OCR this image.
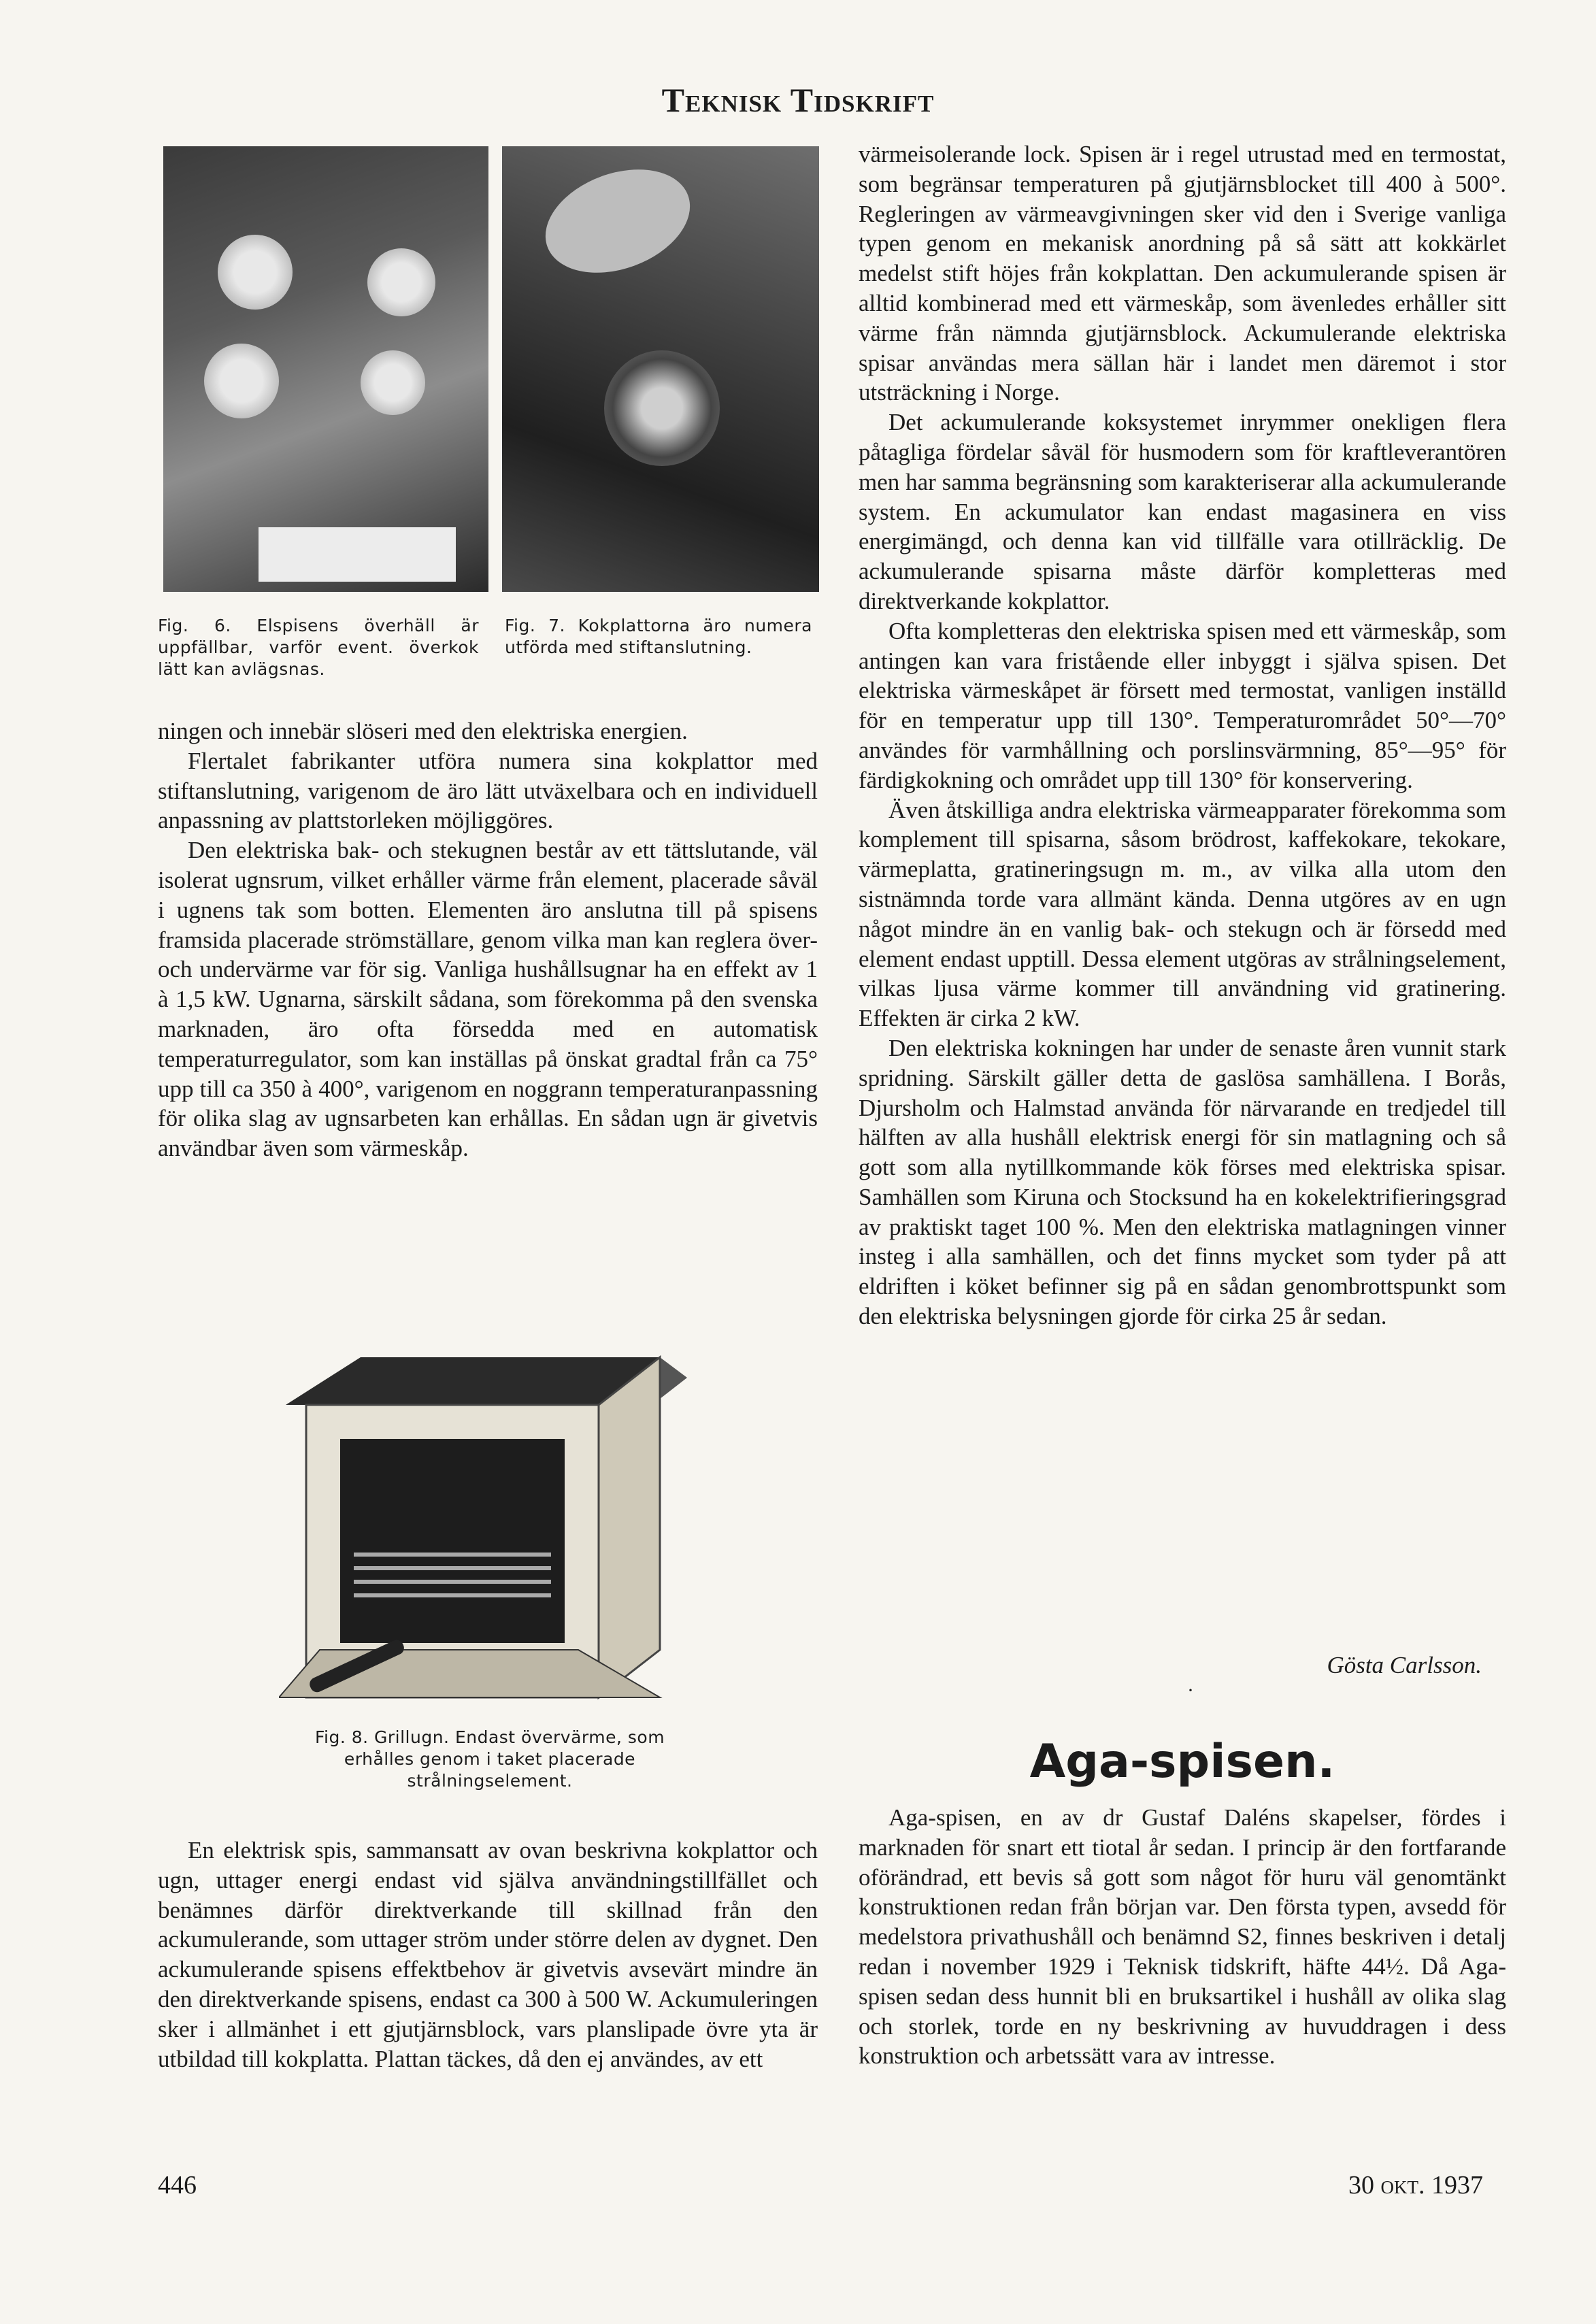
Teknisk Tidskrift
Fig. 6. Elspisens överhäll är uppfällbar, varför event. överkok lätt kan avlägsnas.
Fig. 7. Kokplattorna äro numera utförda med stiftanslutning.

ningen och innebär slöseri med den elektriska energien.

Flertalet fabrikanter utföra numera sina kokplattor med stiftanslutning, varigenom de äro lätt utväxelbara och en individuell anpassning av plattstorleken möjliggöres.

Den elektriska bak- och stekugnen består av ett tättslutande, väl isolerat ugnsrum, vilket erhåller värme från element, placerade såväl i ugnens tak som botten. Elementen äro anslutna till på spisens framsida placerade strömställare, genom vilka man kan reglera över- och undervärme var för sig. Vanliga hushållsugnar ha en effekt av 1 à 1,5 kW. Ugnarna, särskilt sådana, som förekomma på den svenska marknaden, äro ofta försedda med en automatisk temperaturregulator, som kan inställas på önskat gradtal från ca 75° upp till ca 350 à 400°, varigenom en noggrann temperaturanpassning för olika slag av ugnsarbeten kan erhållas. En sådan ugn är givetvis användbar även som värmeskåp.

Fig. 8. Grillugn. Endast övervärme, som erhålles genom i taket placerade strålningselement.

En elektrisk spis, sammansatt av ovan beskrivna kokplattor och ugn, uttager energi endast vid själva användningstillfället och benämnes därför direktverkande till skillnad från den ackumulerande, som uttager ström under större delen av dygnet. Den ackumulerande spisens effektbehov är givetvis avsevärt mindre än den direktverkande spisens, endast ca 300 à 500 W. Ackumuleringen sker i allmänhet i ett gjutjärnsblock, vars planslipade övre yta är utbildad till kokplatta. Plattan täckes, då den ej användes, av ett

värmeisolerande lock. Spisen är i regel utrustad med en termostat, som begränsar temperaturen på gjutjärnsblocket till 400 à 500°. Regleringen av värmeavgivningen sker vid den i Sverige vanliga typen genom en mekanisk anordning på så sätt att kokkärlet medelst stift höjes från kokplattan. Den ackumulerande spisen är alltid kombinerad med ett värmeskåp, som ävenledes erhåller sitt värme från nämnda gjutjärnsblock. Ackumulerande elektriska spisar användas mera sällan här i landet men däremot i stor utsträckning i Norge.

Det ackumulerande koksystemet inrymmer onekligen flera påtagliga fördelar såväl för husmodern som för kraftleverantören men har samma begränsning som karakteriserar alla ackumulerande system. En ackumulator kan endast magasinera en viss energimängd, och denna kan vid tillfälle vara otillräcklig. De ackumulerande spisarna måste därför kompletteras med direktverkande kokplattor.

Ofta kompletteras den elektriska spisen med ett värmeskåp, som antingen kan vara fristående eller inbyggt i själva spisen. Det elektriska värmeskåpet är försett med termostat, vanligen inställd för en temperatur upp till 130°. Temperaturområdet 50°—70° användes för varmhållning och porslinsvärmning, 85°—95° för färdigkokning och området upp till 130° för konservering.

Även åtskilliga andra elektriska värmeapparater förekomma som komplement till spisarna, såsom brödrost, kaffekokare, tekokare, värmeplatta, gratineringsugn m. m., av vilka alla utom den sistnämnda torde vara allmänt kända. Denna utgöres av en ugn något mindre än en vanlig bak- och stekugn och är försedd med element endast upptill. Dessa element utgöras av strålningselement, vilkas ljusa värme kommer till användning vid gratinering. Effekten är cirka 2 kW.

Den elektriska kokningen har under de senaste åren vunnit stark spridning. Särskilt gäller detta de gaslösa samhällena. I Borås, Djursholm och Halmstad använda för närvarande en tredjedel till hälften av alla hushåll elektrisk energi för sin matlagning och så gott som alla nytillkommande kök förses med elektriska spisar. Samhällen som Kiruna och Stocksund ha en kokelektrifieringsgrad av praktiskt taget 100 %. Men den elektriska matlagningen vinner insteg i alla samhällen, och det finns mycket som tyder på att eldriften i köket befinner sig på en sådan genombrottspunkt som den elektriska belysningen gjorde för cirka 25 år sedan.

Gösta Carlsson.
·
Aga-spisen.

Aga-spisen, en av dr Gustaf Daléns skapelser, fördes i marknaden för snart ett tiotal år sedan. I princip är den fortfarande oförändrad, ett bevis så gott som något för huru väl genomtänkt konstruktionen redan från början var. Den första typen, avsedd för medelstora privathushåll och benämnd S2, finnes beskriven i detalj redan i november 1929 i Teknisk tidskrift, häfte 44½. Då Aga-spisen sedan dess hunnit bli en bruksartikel i hushåll av olika slag och storlek, torde en ny beskrivning av huvuddragen i dess konstruktion och arbetssätt vara av intresse.

446	30 okt. 1937
